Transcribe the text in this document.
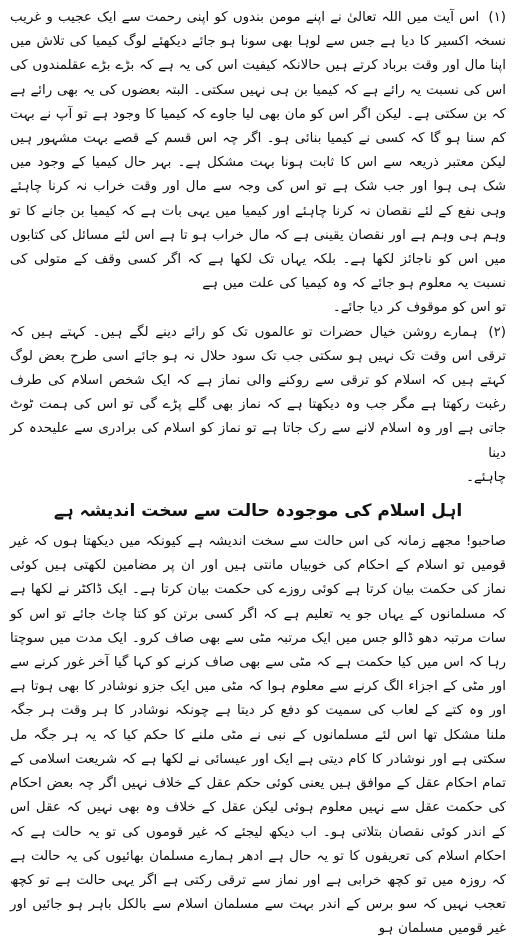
(۱) اس آیت میں اللہ تعالیٰ نے اپنے مومن بندوں کو اپنی رحمت سے ایک عجیب و غریب نسخہ اکسیر کا دیا ہے جس سے لوہا بھی سونا ہو جائے دیکھئے لوگ کیمیا کی تلاش میں اپنا مال اور وقت برباد کرتے ہیں حالانکہ کیفیت اس کی یہ ہے کہ بڑے بڑے عقلمندوں کی اس کی نسبت یہ رائے ہے کہ کیمیا بن ہی نہیں سکتی۔ البتہ بعضوں کی یہ بھی رائے ہے کہ بن سکتی ہے۔ لیکن اگر اس کو مان بھی لیا جاوے کہ کیمیا کا وجود ہے تو آپ نے بہت کم سنا ہو گا کہ کسی نے کیمیا بنائی ہو۔ اگر چہ اس قسم کے قصے بہت مشہور ہیں لیکن معتبر ذریعہ سے اس کا ثابت ہونا بہت مشکل ہے۔ بہر حال کیمیا کے وجود میں شک ہی ہوا اور جب شک ہے تو اس کی وجہ سے مال اور وقت خراب نہ کرنا چاہئے وہی نفع کے لئے نقصان نہ کرنا چاہئے اور کیمیا میں یہی بات ہے کہ کیمیا بن جانے کا تو وہم ہی وہم ہے اور نقصان یقینی ہے کہ مال خراب ہو تا ہے اس لئے مسائل کی کتابوں میں اس کو ناجائز لکھا ہے۔ بلکہ یہاں تک لکھا ہے کہ اگر کسی وقف کے متولی کی نسبت یہ معلوم ہو جائے کہ وہ کیمیا کی علت میں ہے
تو اس کو موقوف کر دیا جائے۔

(۲) ہمارے روشن خیال حضرات تو عالموں تک کو رائے دینے لگے ہیں۔ کہتے ہیں کہ ترقی اس وقت تک نہیں ہو سکتی جب تک سود حلال نہ ہو جائے اسی طرح بعض لوگ کہتے ہیں کہ اسلام کو ترقی سے روکنے والی نماز ہے کہ ایک شخص اسلام کی طرف رغبت رکھتا ہے مگر جب وہ دیکھتا ہے کہ نماز بھی گلے پڑے گی تو اس کی ہمت ٹوٹ جاتی ہے اور وہ اسلام لانے سے رک جاتا ہے تو نماز کو اسلام کی برادری سے علیحدہ کر دینا
چاہئے۔

اہل اسلام کی موجودہ حالت سے سخت اندیشہ ہے

صاحبو! مجھے زمانہ کی اس حالت سے سخت اندیشہ ہے کیونکہ میں دیکھتا ہوں کہ غیر قومیں تو اسلام کے احکام کی خوبیاں مانتی ہیں اور ان پر مضامین لکھتی ہیں کوئی نماز کی حکمت بیان کرتا ہے کوئی روزے کی حکمت بیان کرتا ہے۔ ایک ڈاکٹر نے لکھا ہے کہ مسلمانوں کے یہاں جو یہ تعلیم ہے کہ اگر کسی برتن کو کتا چاٹ جائے تو اس کو سات مرتبہ دھو ڈالو جس میں ایک مرتبہ مٹی سے بھی صاف کرو۔ ایک مدت میں سوچتا رہا کہ اس میں کیا حکمت ہے کہ مٹی سے بھی صاف کرنے کو کہا گیا آخر غور کرنے سے اور مٹی کے اجزاء الگ کرنے سے معلوم ہوا کہ مٹی میں ایک جزو نوشادر کا بھی ہوتا ہے اور وہ کتے کے لعاب کی سمیت کو دفع کر دیتا ہے چونکہ نوشادر کا ہر وقت ہر جگہ ملنا مشکل تھا اس لئے مسلمانوں کے نبی نے مٹی ملنے کا حکم کیا کہ یہ ہر جگہ مل سکتی ہے اور نوشادر کا کام دیتی ہے ایک اور عیسائی نے لکھا ہے کہ شریعت اسلامی کے تمام احکام عقل کے موافق ہیں یعنی کوئی حکم عقل کے خلاف نہیں اگر چہ بعض احکام کی حکمت عقل سے نہیں معلوم ہوئی لیکن عقل کے خلاف وہ بھی نہیں کہ عقل اس کے اندر کوئی نقصان بتلاتی ہو۔ اب دیکھ لیجئے کہ غیر قوموں کی تو یہ حالت ہے کہ احکام اسلام کی تعریفوں کا تو یہ حال ہے ادھر ہمارے مسلمان بھائیوں کی یہ حالت ہے کہ روزہ میں تو کچھ خرابی ہے اور نماز سے ترقی رکتی ہے اگر یہی حالت ہے تو کچھ تعجب نہیں کہ سو برس کے اندر بہت سے مسلمان اسلام سے بالکل باہر ہو جائیں اور غیر قومیں مسلمان ہو
